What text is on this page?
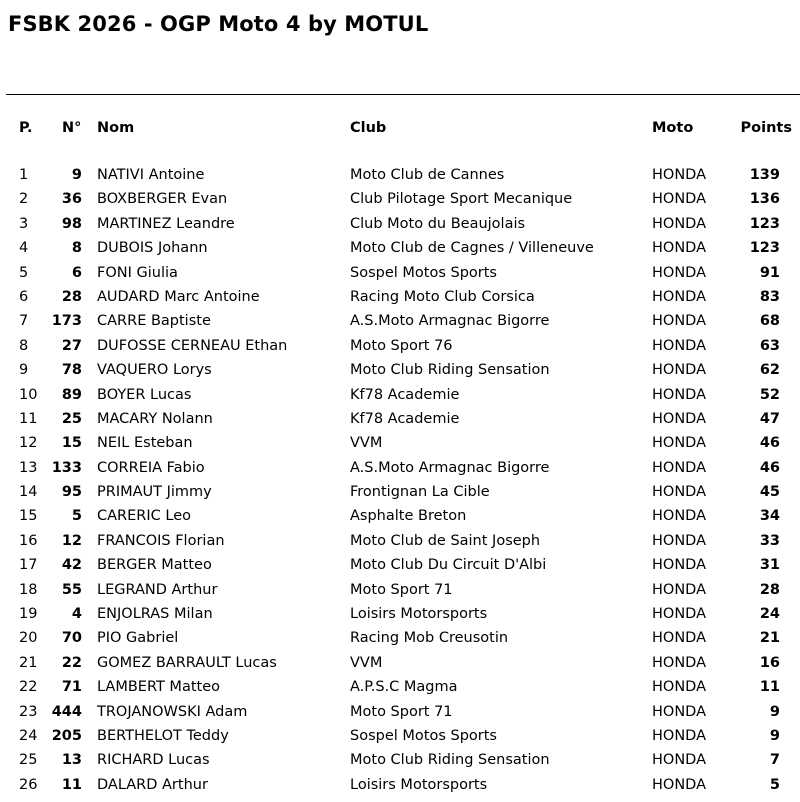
FSBK 2026 - OGP Moto 4 by MOTUL
P. N° Nom	Club	Moto	Points
1	9 NATIVI Antoine	Moto Club de Cannes	HONDA	139
2 36 BOXBERGER Evan	Club Pilotage Sport Mecanique	HONDA	136
3 98 MARTINEZ Leandre	Club Moto du Beaujolais	HONDA	123
4	8 DUBOIS Johann	Moto Club de Cagnes / Villeneuve	HONDA	123
5	6 FONI Giulia	Sospel Motos Sports	HONDA	91
6 28 AUDARD Marc Antoine	Racing Moto Club Corsica	HONDA	83
7 173 CARRE Baptiste	A.S.Moto Armagnac Bigorre	HONDA	68
8 27 DUFOSSE CERNEAU Ethan	Moto Sport 76	HONDA	63
9 78 VAQUERO Lorys	Moto Club Riding Sensation	HONDA	62
10 89 BOYER Lucas	Kf78 Academie	HONDA	52
11 25 MACARY Nolann	Kf78 Academie	HONDA	47
12 15 NEIL Esteban	VVM	HONDA	46
13 133 CORREIA Fabio	A.S.Moto Armagnac Bigorre	HONDA	46
14 95 PRIMAUT Jimmy	Frontignan La Cible	HONDA	45
15 5 CARERIC Leo	Asphalte Breton	HONDA	34
16 12 FRANCOIS Florian	Moto Club de Saint Joseph	HONDA	33
17 42 BERGER Matteo	Moto Club Du Circuit D'Albi	HONDA	31
18 55 LEGRAND Arthur	Moto Sport 71	HONDA	28
19 4 ENJOLRAS Milan	Loisirs Motorsports	HONDA	24
20 70 PIO Gabriel	Racing Mob Creusotin	HONDA	21
21 22 GOMEZ BARRAULT Lucas	VVM	HONDA	16
22 71 LAMBERT Matteo	A.P.S.C Magma	HONDA	11
23 444 TROJANOWSKI Adam	Moto Sport 71	HONDA	9
24 205 BERTHELOT Teddy	Sospel Motos Sports	HONDA	9
25 13 RICHARD Lucas	Moto Club Riding Sensation	HONDA	7
26 11 DALARD Arthur	Loisirs Motorsports	HONDA	5
